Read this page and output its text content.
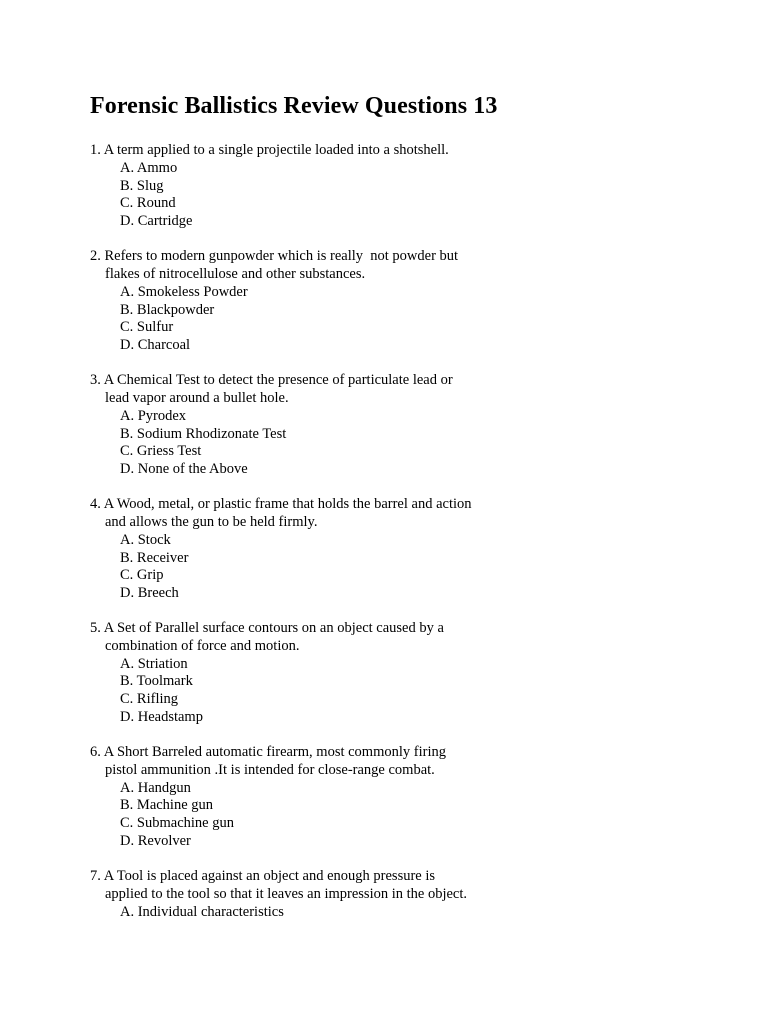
Forensic Ballistics Review Questions 13
1. A term applied to a single projectile loaded into a shotshell.
A. Ammo
B. Slug
C. Round
D. Cartridge
2. Refers to modern gunpowder which is really  not powder but
flakes of nitrocellulose and other substances.
A. Smokeless Powder
B. Blackpowder
C. Sulfur
D. Charcoal
3. A Chemical Test to detect the presence of particulate lead or
lead vapor around a bullet hole.
A. Pyrodex
B. Sodium Rhodizonate Test
C. Griess Test
D. None of the Above
4. A Wood, metal, or plastic frame that holds the barrel and action
and allows the gun to be held firmly.
A. Stock
B. Receiver
C. Grip
D. Breech
5. A Set of Parallel surface contours on an object caused by a
combination of force and motion.
A. Striation
B. Toolmark
C. Rifling
D. Headstamp
6. A Short Barreled automatic firearm, most commonly firing
pistol ammunition .It is intended for close-range combat.
A. Handgun
B. Machine gun
C. Submachine gun
D. Revolver
7. A Tool is placed against an object and enough pressure is
applied to the tool so that it leaves an impression in the object.
A. Individual characteristics
